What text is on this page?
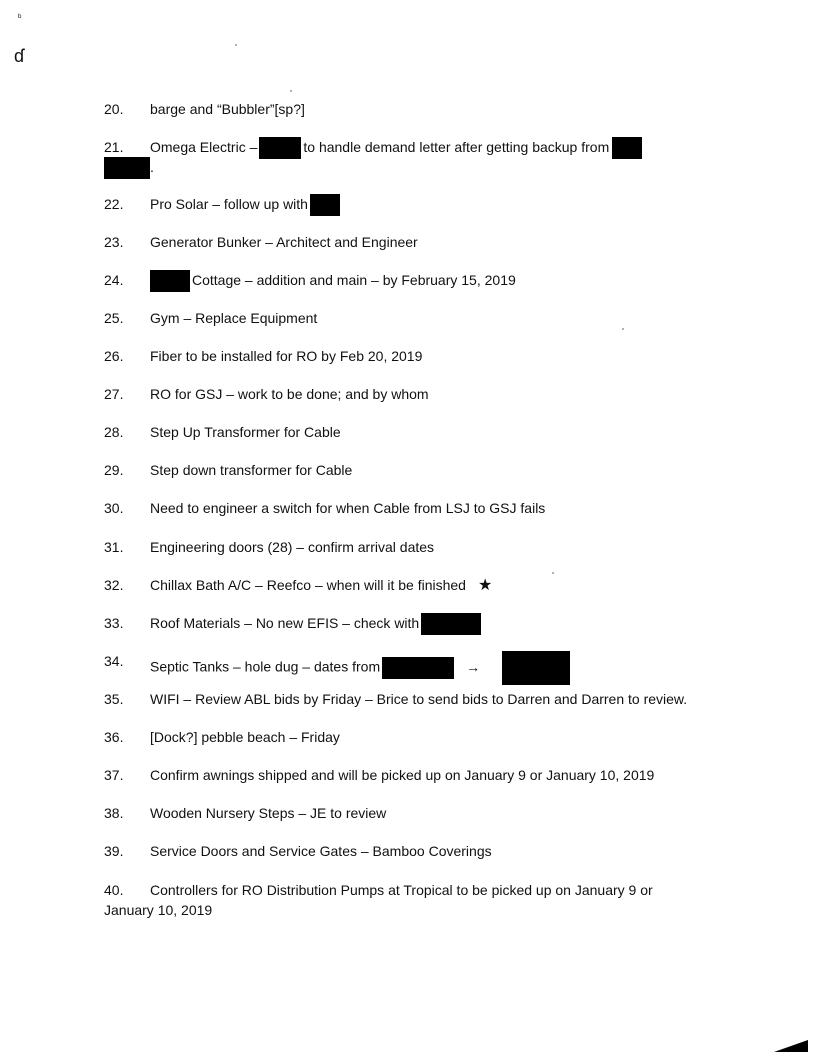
ᵇ
ɗ
20. barge and “Bubbler”[sp?]
21. Omega Electric –	to handle demand letter after getting backup from
.
22. Pro Solar – follow up with
23. Generator Bunker – Architect and Engineer
24.	Cottage – addition and main – by February 15, 2019
25. Gym – Replace Equipment
26. Fiber to be installed for RO by Feb 20, 2019
27. RO for GSJ – work to be done; and by whom
28. Step Up Transformer for Cable
29. Step down transformer for Cable
30. Need to engineer a switch for when Cable from LSJ to GSJ fails
31. Engineering doors (28) – confirm arrival dates
32. Chillax Bath A/C – Reefco – when will it be finished ★
33. Roof Materials – No new EFIS – check with
34. Septic Tanks – hole dug – dates from	→
35. WIFI – Review ABL bids by Friday – Brice to send bids to Darren and Darren to review.
36. [Dock?] pebble beach – Friday
37. Confirm awnings shipped and will be picked up on January 9 or January 10, 2019
38. Wooden Nursery Steps – JE to review
39. Service Doors and Service Gates – Bamboo Coverings
40. Controllers for RO Distribution Pumps at Tropical to be picked up on January 9 or
January 10, 2019
